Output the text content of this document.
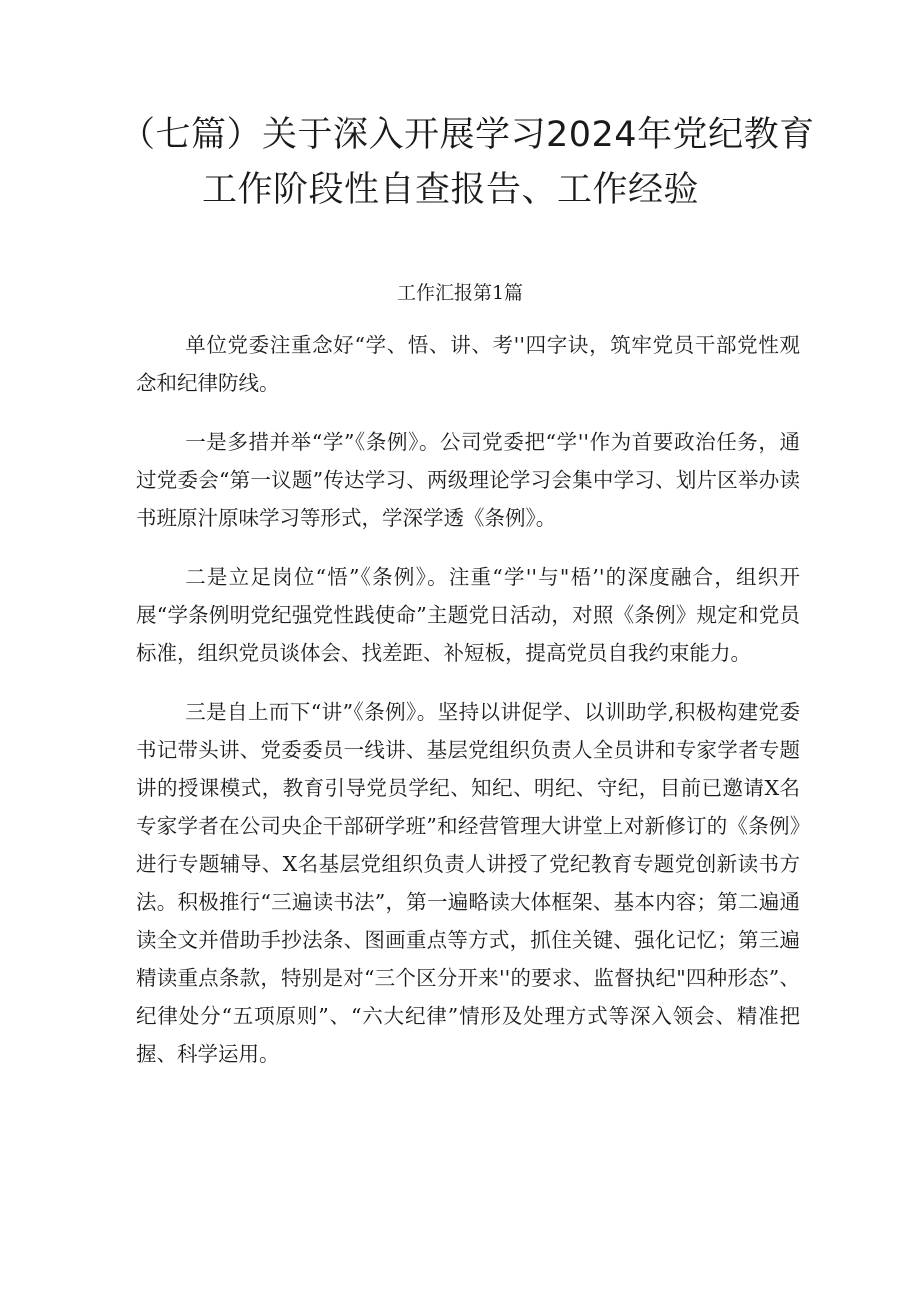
（七篇）关于深入开展学习2024年党纪教育
工作阶段性自查报告、工作经验
工作汇报第1篇

单位党委注重念好“学、悟、讲、考''四字诀，筑牢党员干部党性观念和纪律防线。

一是多措并举“学”《条例》。公司党委把“学''作为首要政治任务，通过党委会“第一议题”传达学习、两级理论学习会集中学习、划片区举办读书班原汁原味学习等形式，学深学透《条例》。

二是立足岗位“悟”《条例》。注重“学''与"梧’'的深度融合，组织开展“学条例明党纪强党性践使命”主题党日活动，对照《条例》规定和党员标准，组织党员谈体会、找差距、补短板，提高党员自我约束能力。

三是自上而下“讲”《条例》。坚持以讲促学、以训助学,积极构建党委书记带头讲、党委委员一线讲、基层党组织负责人全员讲和专家学者专题讲的授课模式，教育引导党员学纪、知纪、明纪、守纪，目前已邀请X名专家学者在公司央企干部研学班”和经营管理大讲堂上对新修订的《条例》进行专题辅导、X名基层党组织负责人讲授了党纪教育专题党创新读书方法。积极推行“三遍读书法”，第一遍略读大体框架、基本内容；第二遍通读全文并借助手抄法条、图画重点等方式，抓住关键、强化记忆；第三遍精读重点条款，特别是对“三个区分开来''的要求、监督执纪"四种形态”、纪律处分“五项原则”、“六大纪律”情形及处理方式等深入领会、精准把握、科学运用。
